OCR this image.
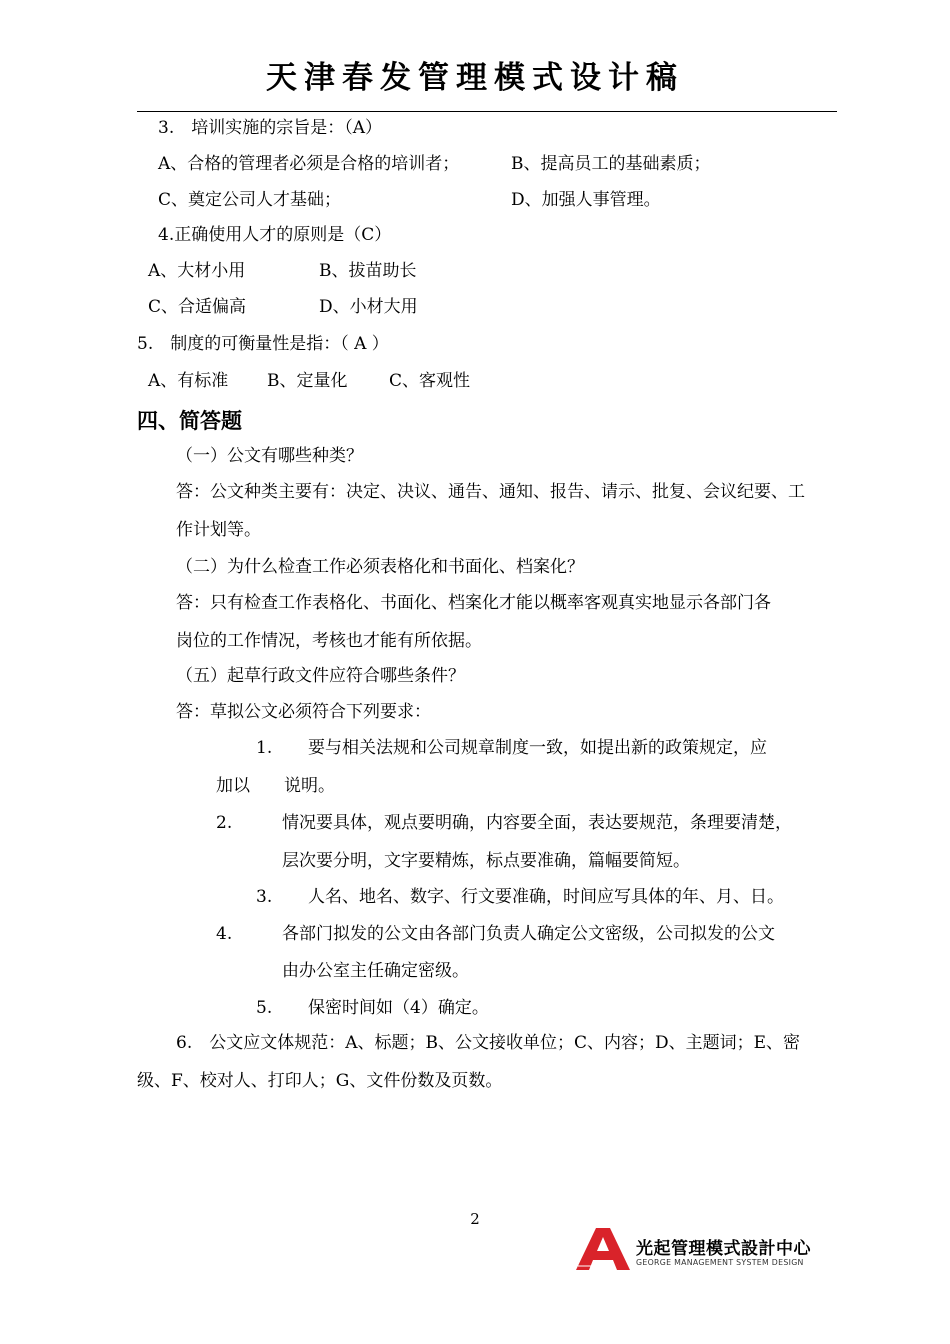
天津春发管理模式设计稿
3.　培训实施的宗旨是：（A）
A、合格的管理者必须是合格的培训者；	B、提高员工的基础素质；
C、奠定公司人才基础；	D、加强人事管理。
4.正确使用人才的原则是（C）
A、大材小用	B、拔苗助长
C、合适偏高	D、小材大用
5.　制度的可衡量性是指：（ A ）
A、有标准 B、定量化 C、客观性
四、简答题
（一）公文有哪些种类？
答：公文种类主要有：决定、决议、通告、通知、报告、请示、批复、会议纪要、工
作计划等。
（二）为什么检查工作必须表格化和书面化、档案化？
答：只有检查工作表格化、书面化、档案化才能以概率客观真实地显示各部门各
岗位的工作情况，考核也才能有所依据。
（五）起草行政文件应符合哪些条件？
答：草拟公文必须符合下列要求：
1. 要与相关法规和公司规章制度一致，如提出新的政策规定，应
加以　　说明。
2.	情况要具体，观点要明确，内容要全面，表达要规范，条理要清楚，
层次要分明，文字要精炼，标点要准确，篇幅要简短。
3. 人名、地名、数字、行文要准确，时间应写具体的年、月、日。
4.	各部门拟发的公文由各部门负责人确定公文密级，公司拟发的公文
由办公室主任确定密级。
5. 保密时间如（4）确定。
6.　公文应文体规范：A、标题；B、公文接收单位；C、内容；D、主题词；E、密
级、F、校对人、打印人；G、文件份数及页数。
2
光起管理模式設計中心
GEORGE MANAGEMENT SYSTEM DESIGN
